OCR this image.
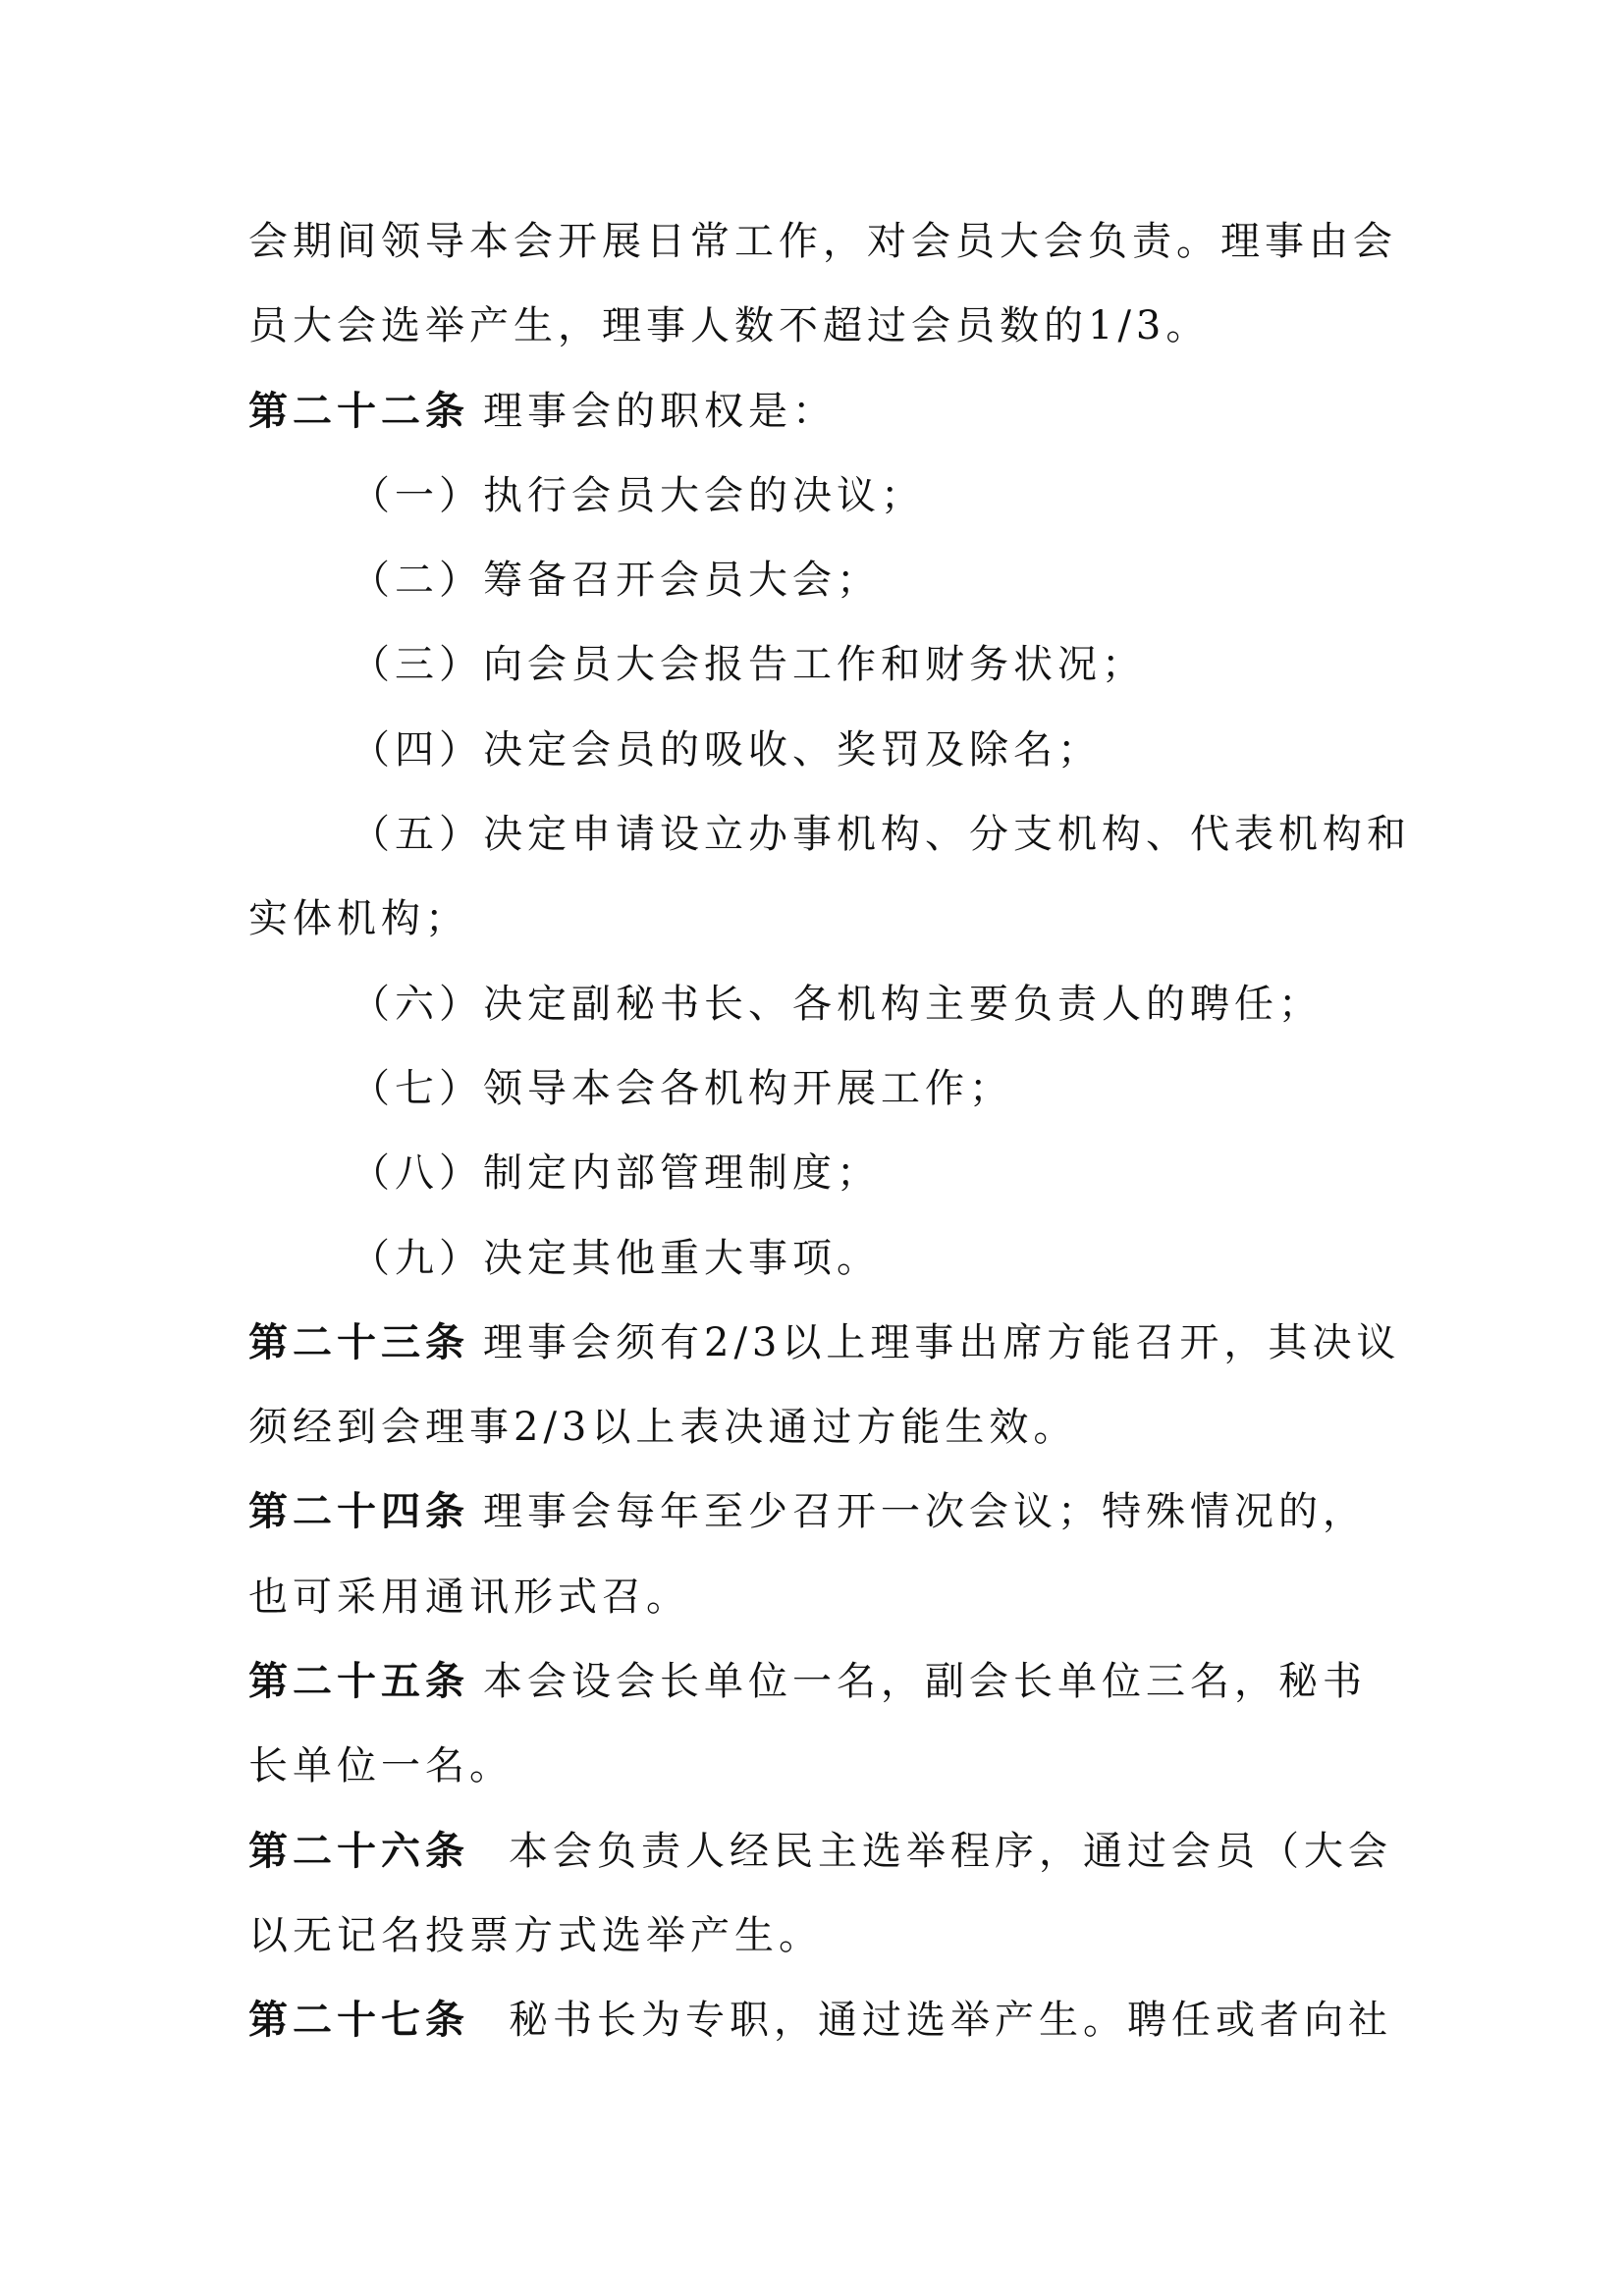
会期间领导本会开展日常工作，对会员大会负责。理事由会
员大会选举产生，理事人数不超过会员数的1/3。
第二十二条 理事会的职权是：
（一）执行会员大会的决议；
（二）筹备召开会员大会；
（三）向会员大会报告工作和财务状况；
（四）决定会员的吸收、奖罚及除名；
（五）决定申请设立办事机构、分支机构、代表机构和
实体机构；
（六）决定副秘书长、各机构主要负责人的聘任；
（七）领导本会各机构开展工作；
（八）制定内部管理制度；
（九）决定其他重大事项。
第二十三条 理事会须有2/3以上理事出席方能召开，其决议
须经到会理事2/3以上表决通过方能生效。
第二十四条 理事会每年至少召开一次会议；特殊情况的，
也可采用通讯形式召。
第二十五条 本会设会长单位一名，副会长单位三名，秘书
长单位一名。
第二十六条 本会负责人经民主选举程序，通过会员（大会
以无记名投票方式选举产生。
第二十七条 秘书长为专职，通过选举产生。聘任或者向社
